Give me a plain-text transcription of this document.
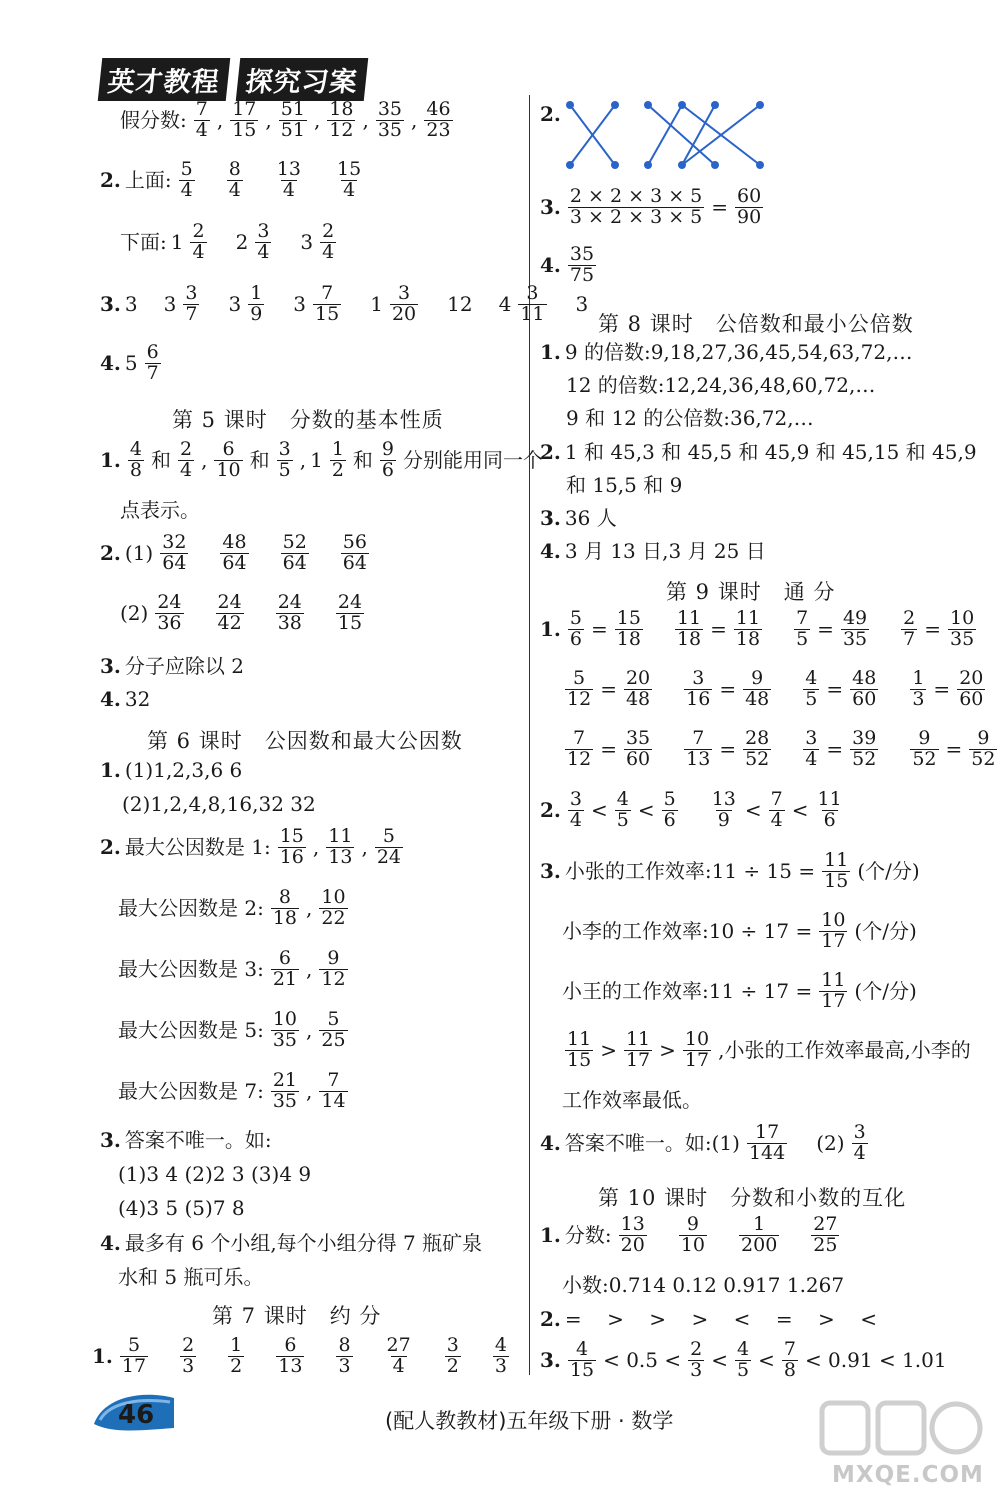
英才教程 探究习案
假分数: $\frac{7}{4}$ , $\frac{17}{15}$ , $\frac{51}{51}$ , $\frac{18}{12}$ , $\frac{35}{35}$ , $\frac{46}{23}$
2. 上面: $\frac{5}{4} \frac{8}{4} \frac{13}{4} \frac{15}{4}$
下面: $1 \frac{2}{4} 2 \frac{3}{4} 3 \frac{2}{4}$
3. 3 $3 \frac{3}{7} 3 \frac{1}{9} 3 \frac{7}{15} 1 \frac{3}{20} 12$ $4 \frac{3}{11} 3$
4. $5 \frac{6}{7}$
第 5 课时 分数的基本性质
1. $\frac{4}{8}$ 和 $\frac{2}{4}$ , $\frac{6}{10}$ 和 $\frac{3}{5}$ , $1 \frac{1}{2}$ 和 $\frac{9}{6}$ 分别能用同一个
点表示。
2. $(1) \frac{32}{64} \frac{48}{64} \frac{52}{64} \frac{56}{64}$
$(2) \frac{24}{36} \frac{24}{42} \frac{24}{38} \frac{24}{15}$
3. 分子应除以 2
4. 32
第 6 课时 公因数和最大公因数
1. (1)1,2,3,6 6
(2)1,2,4,8,16,32 32
2. 最大公因数是 1: $\frac{15}{16}$ , $\frac{11}{13}$ , $\frac{5}{24}$
最大公因数是 2: $\frac{8}{18}$ , $\frac{10}{22}$
最大公因数是 3: $\frac{6}{21}$ , $\frac{9}{12}$
最大公因数是 5: $\frac{10}{35}$ , $\frac{5}{25}$
最大公因数是 7: $\frac{21}{35}$ , $\frac{7}{14}$
3. 答案不唯一。如:
(1)3 4 (2)2 3 (3)4 9
(4)3 5 (5)7 8
4. 最多有 6 个小组,每个小组分得 7 瓶矿泉
水和 5 瓶可乐。
第 7 课时 约 分
1. $\frac{5}{17} \frac{2}{3} \frac{1}{2} \frac{6}{13} \frac{8}{3} \frac{27}{4} \frac{3}{2} \frac{4}{3}$
2.
3. $\frac{2 \times 2 \times 3 \times 5}{3 \times 2 \times 3 \times 5} = \frac{60}{90}$
4. $\frac{35}{75}$
第 8 课时 公倍数和最小公倍数
1. 9 的倍数:9,18,27,36,45,54,63,72,…
12 的倍数:12,24,36,48,60,72,…
9 和 12 的公倍数:36,72,…
2. 1 和 45,3 和 45,5 和 45,9 和 45,15 和 45,9
和 15,5 和 9
3. 36 人
4. 3 月 13 日,3 月 25 日
第 9 课时 通 分
1. $\frac{5}{6} = \frac{15}{18} \frac{11}{18} = \frac{11}{18} \frac{7}{5} = \frac{49}{35} \frac{2}{7} = \frac{10}{35}$
$\frac{5}{12} = \frac{20}{48} \frac{3}{16} = \frac{9}{48} \frac{4}{5} = \frac{48}{60} \frac{1}{3} = \frac{20}{60}$
$\frac{7}{12} = \frac{35}{60} \frac{7}{13} = \frac{28}{52} \frac{3}{4} = \frac{39}{52} \frac{9}{52} = \frac{9}{52}$
2. $\frac{3}{4} < \frac{4}{5} < \frac{5}{6} \frac{13}{9} < \frac{7}{4} < \frac{11}{6}$
3. 小张的工作效率:11 ÷ $15 = \frac{11}{15}$ (个/分)
小李的工作效率:10 ÷ $17 = \frac{10}{17}$ (个/分)
小王的工作效率:11 ÷ $17 = \frac{11}{17}$ (个/分)
$\frac{11}{15} > \frac{11}{17} > \frac{10}{17}$ ,小张的工作效率最高,小李的
工作效率最低。
4. 答案不唯一。如:(1) $\frac{17}{144} (2) \frac{3}{4}$
第 10 课时 分数和小数的互化
1. 分数: $\frac{13}{20} \frac{9}{10} \frac{1}{200} \frac{27}{25}$
小数:0.714 0.12 0.917 1.267
2. =    >    >    >    <    =    >    <
3. $\frac{4}{15} < 0.5 < \frac{2}{3} < \frac{4}{5} < \frac{7}{8} < 0.91 < 1.01$
46	(配人教教材)五年级下册 · 数学
MXQE.COM
